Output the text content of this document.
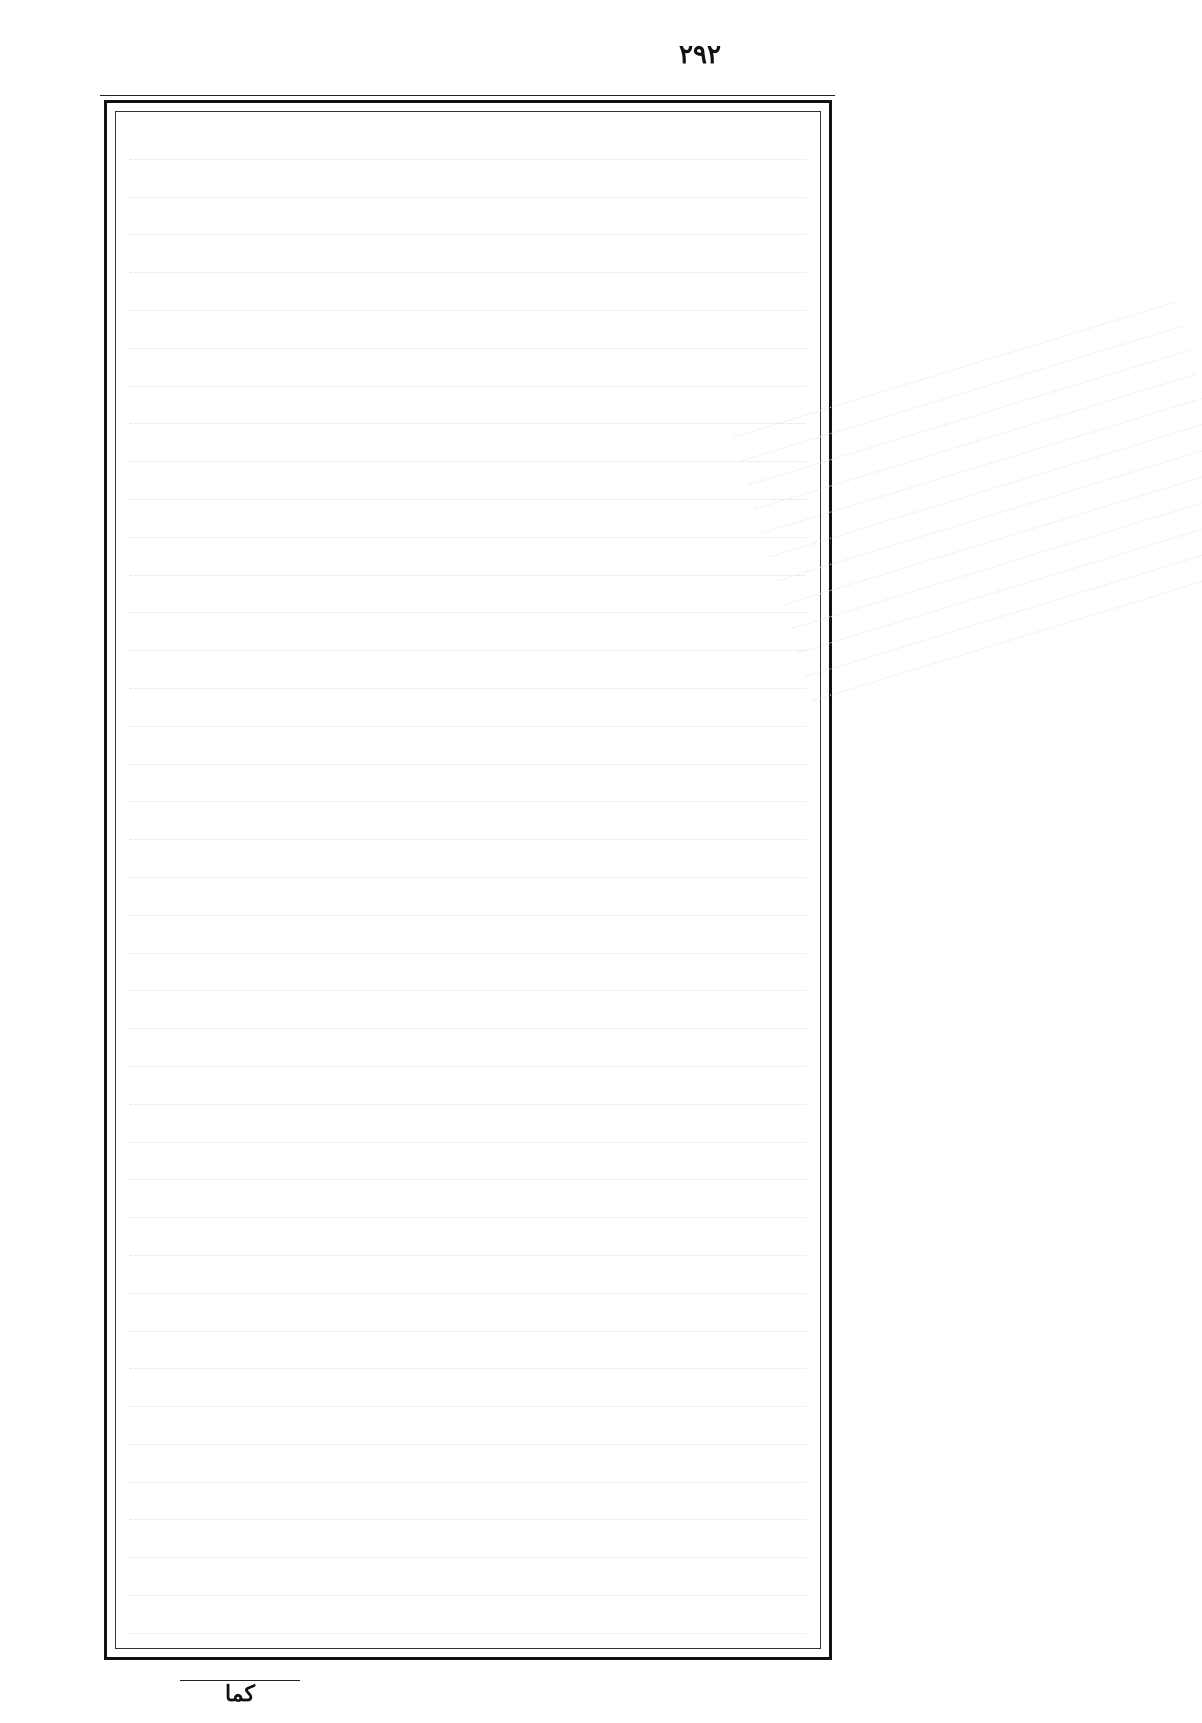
٢٩٢
كما
